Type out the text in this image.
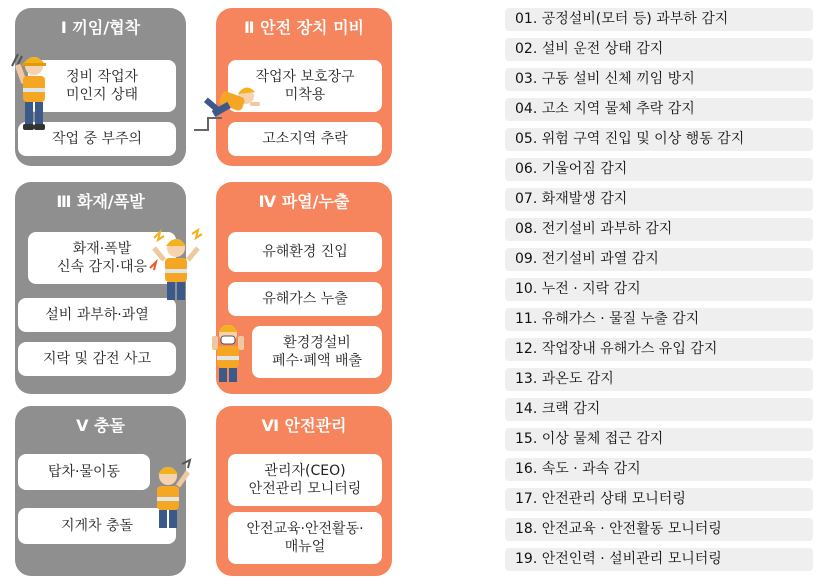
Ⅰ 끼임/협착
정비 작업자
미인지 상태
작업 중 부주의
Ⅱ 안전 장치 미비
작업자 보호장구
미착용
고소지역 추락
Ⅲ 화재/폭발
화재·폭발
신속 감지·대응
설비 과부하·과열
지락 및 감전 사고
Ⅳ 파열/누출
유해환경 진입
유해가스 누출
환경경설비
폐수·폐액 배출
Ⅴ 충돌
탑차·물이동
지게차 충돌
Ⅵ 안전관리
관리자(CEO)
안전관리 모니터링
안전교육·안전활동·
매뉴얼
01. 공정설비(모터 등) 과부하 감지
02. 설비 운전 상태 감지
03. 구동 설비 신체 끼임 방지
04. 고소 지역 물체 추락 감지
05. 위험 구역 진입 및 이상 행동 감지
06. 기울어짐 감지
07. 화재발생 감지
08. 전기설비 과부하 감지
09. 전기설비 과열 감지
10. 누전 · 지락 감지
11. 유해가스 · 물질 누출 감지
12. 작업장내 유해가스 유입 감지
13. 과온도 감지
14. 크랙 감지
15. 이상 물체 접근 감지
16. 속도 · 과속 감지
17. 안전관리 상태 모니터링
18. 안전교육 · 안전활동 모니터링
19. 안전인력 · 설비관리 모니터링
